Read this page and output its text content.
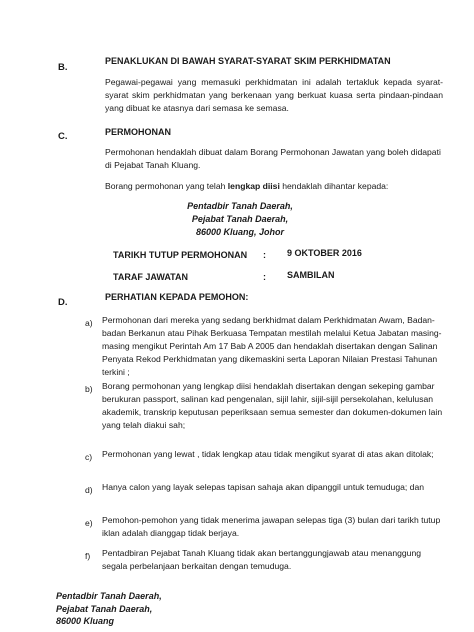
B.
PENAKLUKAN DI BAWAH SYARAT-SYARAT SKIM PERKHIDMATAN

Pegawai-pegawai yang memasuki perkhidmatan ini adalah tertakluk kepada syarat-syarat skim perkhidmatan yang berkenaan yang berkuat kuasa serta pindaan-pindaan yang dibuat ke atasnya dari semasa ke semasa.

C.	PERMOHONAN

Permohonan hendaklah dibuat dalam Borang Permohonan Jawatan yang boleh didapati di Pejabat Tanah Kluang.

Borang permohonan yang telah lengkap diisi hendaklah dihantar kepada:

Pentadbir Tanah Daerah,
Pejabat Tanah Daerah,
86000 Kluang, Johor
TARIKH TUTUP PERMOHONAN : 9 OKTOBER 2016
TARAF JAWATAN	: SAMBILAN
D.	PERHATIAN KEPADA PEMOHON:
a) Permohonan dari mereka yang sedang berkhidmat dalam Perkhidmatan Awam, Badan-badan Berkanun atau Pihak Berkuasa Tempatan mestilah melalui Ketua Jabatan masing-masing mengikut Perintah Am 17 Bab A 2005 dan hendaklah disertakan dengan Salinan Penyata Rekod Perkhidmatan yang dikemaskini serta Laporan Nilaian Prestasi Tahunan terkini ;

b) Borang permohonan yang lengkap diisi hendaklah disertakan dengan sekeping gambar berukuran passport, salinan kad pengenalan, sijil lahir, sijil-sijil persekolahan, kelulusan akademik, transkrip keputusan peperiksaan semua semester dan dokumen-dokumen lain yang telah diakui sah;

c) Permohonan yang lewat , tidak lengkap atau tidak mengikut syarat di atas akan ditolak;

d) Hanya calon yang layak selepas tapisan sahaja akan dipanggil untuk temuduga; dan

e) Pemohon-pemohon yang tidak menerima jawapan selepas tiga (3) bulan dari tarikh tutup iklan adalah dianggap tidak berjaya.

f) Pentadbiran Pejabat Tanah Kluang tidak akan bertanggungjawab atau menanggung segala perbelanjaan berkaitan dengan temuduga.

Pentadbir Tanah Daerah,
Pejabat Tanah Daerah,
86000 Kluang
